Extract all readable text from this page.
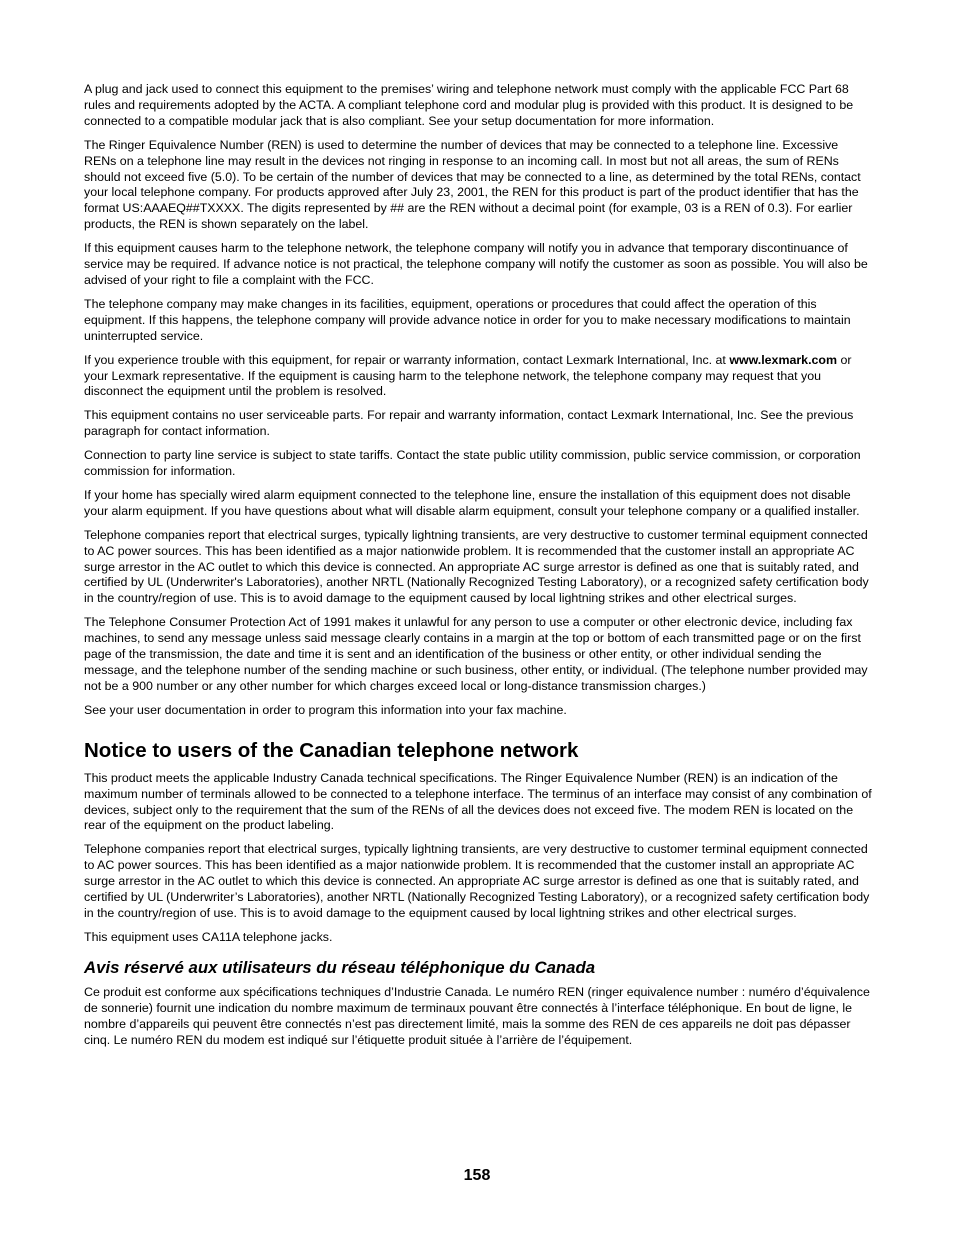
A plug and jack used to connect this equipment to the premises’ wiring and telephone network must comply with the applicable FCC Part 68 rules and requirements adopted by the ACTA. A compliant telephone cord and modular plug is provided with this product. It is designed to be connected to a compatible modular jack that is also compliant. See your setup documentation for more information.

The Ringer Equivalence Number (REN) is used to determine the number of devices that may be connected to a telephone line. Excessive RENs on a telephone line may result in the devices not ringing in response to an incoming call. In most but not all areas, the sum of RENs should not exceed five (5.0). To be certain of the number of devices that may be connected to a line, as determined by the total RENs, contact your local telephone company. For products approved after July 23, 2001, the REN for this product is part of the product identifier that has the format US:AAAEQ##TXXXX. The digits represented by ## are the REN without a decimal point (for example, 03 is a REN of 0.3). For earlier products, the REN is shown separately on the label.

If this equipment causes harm to the telephone network, the telephone company will notify you in advance that temporary discontinuance of service may be required. If advance notice is not practical, the telephone company will notify the customer as soon as possible. You will also be advised of your right to file a complaint with the FCC.

The telephone company may make changes in its facilities, equipment, operations or procedures that could affect the operation of this equipment. If this happens, the telephone company will provide advance notice in order for you to make necessary modifications to maintain uninterrupted service.

If you experience trouble with this equipment, for repair or warranty information, contact Lexmark International, Inc. at www.lexmark.com or your Lexmark representative. If the equipment is causing harm to the telephone network, the telephone company may request that you disconnect the equipment until the problem is resolved.

This equipment contains no user serviceable parts. For repair and warranty information, contact Lexmark International, Inc. See the previous paragraph for contact information.

Connection to party line service is subject to state tariffs. Contact the state public utility commission, public service commission, or corporation commission for information.

If your home has specially wired alarm equipment connected to the telephone line, ensure the installation of this equipment does not disable your alarm equipment. If you have questions about what will disable alarm equipment, consult your telephone company or a qualified installer.

Telephone companies report that electrical surges, typically lightning transients, are very destructive to customer terminal equipment connected to AC power sources. This has been identified as a major nationwide problem. It is recommended that the customer install an appropriate AC surge arrestor in the AC outlet to which this device is connected. An appropriate AC surge arrestor is defined as one that is suitably rated, and certified by UL (Underwriter's Laboratories), another NRTL (Nationally Recognized Testing Laboratory), or a recognized safety certification body in the country/region of use. This is to avoid damage to the equipment caused by local lightning strikes and other electrical surges.

The Telephone Consumer Protection Act of 1991 makes it unlawful for any person to use a computer or other electronic device, including fax machines, to send any message unless said message clearly contains in a margin at the top or bottom of each transmitted page or on the first page of the transmission, the date and time it is sent and an identification of the business or other entity, or other individual sending the message, and the telephone number of the sending machine or such business, other entity, or individual. (The telephone number provided may not be a 900 number or any other number for which charges exceed local or long-distance transmission charges.)

See your user documentation in order to program this information into your fax machine.

Notice to users of the Canadian telephone network

This product meets the applicable Industry Canada technical specifications. The Ringer Equivalence Number (REN) is an indication of the maximum number of terminals allowed to be connected to a telephone interface. The terminus of an interface may consist of any combination of devices, subject only to the requirement that the sum of the RENs of all the devices does not exceed five. The modem REN is located on the rear of the equipment on the product labeling.

Telephone companies report that electrical surges, typically lightning transients, are very destructive to customer terminal equipment connected to AC power sources. This has been identified as a major nationwide problem. It is recommended that the customer install an appropriate AC surge arrestor in the AC outlet to which this device is connected. An appropriate AC surge arrestor is defined as one that is suitably rated, and certified by UL (Underwriter’s Laboratories), another NRTL (Nationally Recognized Testing Laboratory), or a recognized safety certification body in the country/region of use. This is to avoid damage to the equipment caused by local lightning strikes and other electrical surges.

This equipment uses CA11A telephone jacks.

Avis réservé aux utilisateurs du réseau téléphonique du Canada

Ce produit est conforme aux spécifications techniques d’Industrie Canada. Le numéro REN (ringer equivalence number : numéro d’équivalence de sonnerie) fournit une indication du nombre maximum de terminaux pouvant être connectés à l’interface téléphonique. En bout de ligne, le nombre d’appareils qui peuvent être connectés n’est pas directement limité, mais la somme des REN de ces appareils ne doit pas dépasser cinq. Le numéro REN du modem est indiqué sur l’étiquette produit située à l’arrière de l’équipement.

158
